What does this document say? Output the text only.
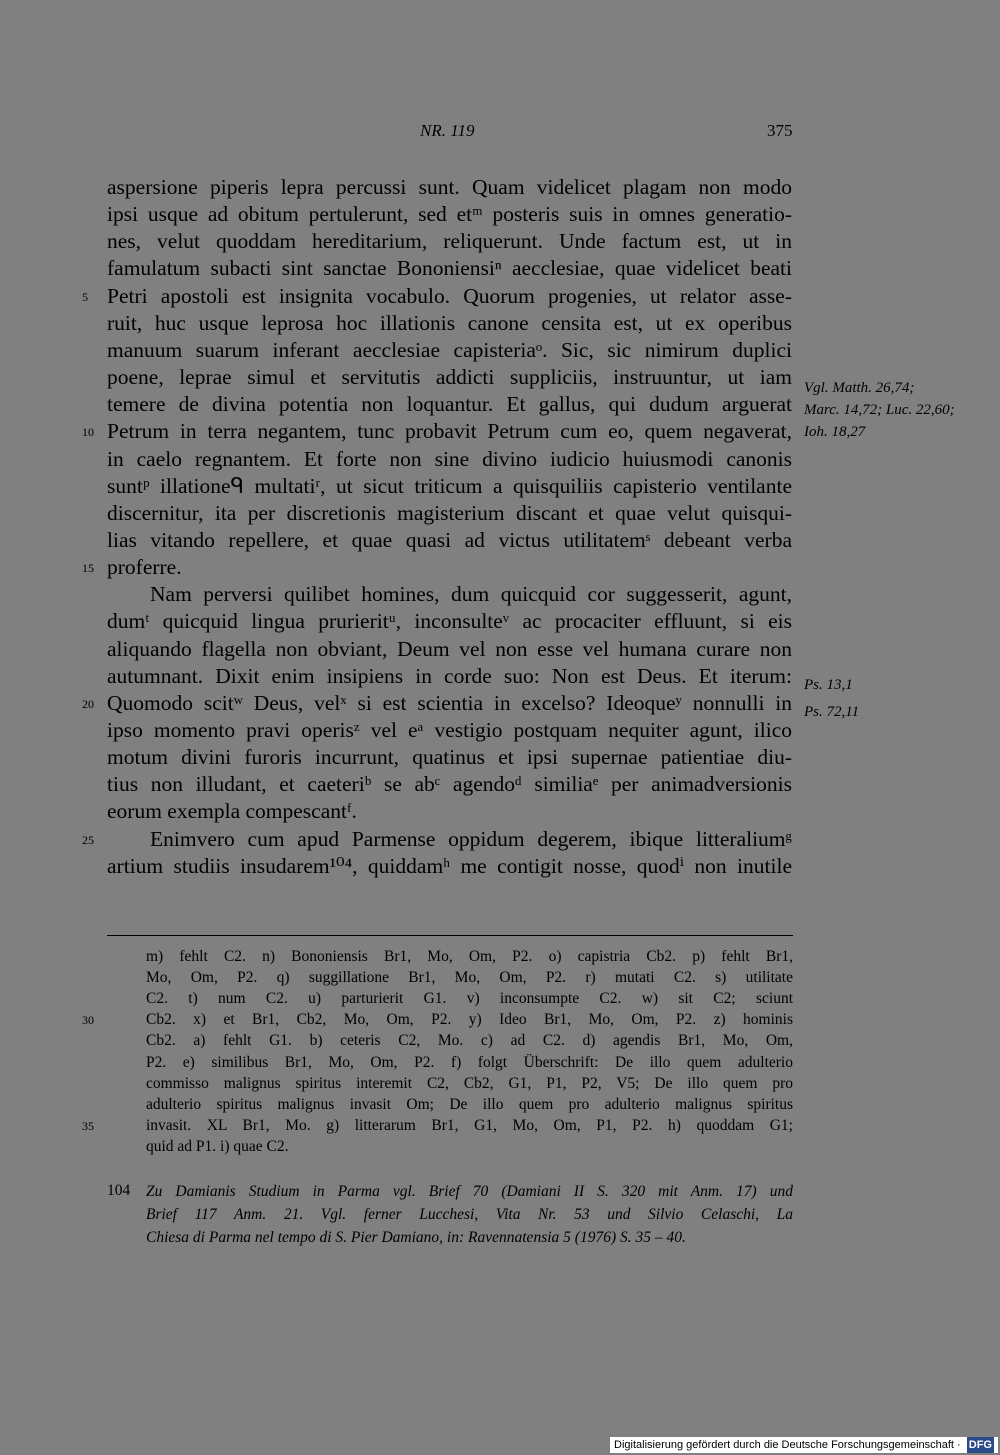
NR. 119	375
aspersione piperis lepra percussi sunt. Quam videlicet plagam non modo
ipsi usque ad obitum pertulerunt, sed etᵐ posteris suis in omnes generatio-
nes, velut quoddam hereditarium, reliquerunt. Unde factum est, ut in
famulatum subacti sint sanctae Bononiensiⁿ aecclesiae, quae videlicet beati
Petri apostoli est insignita vocabulo. Quorum progenies, ut relator asse-
5
ruit, huc usque leprosa hoc illationis canone censita est, ut ex operibus
manuum suarum inferant aecclesiae capisteriaᵒ. Sic, sic nimirum duplici
poene, leprae simul et servitutis addicti suppliciis, instruuntur, ut iam
temere de divina potentia non loquantur. Et gallus, qui dudum arguerat
Petrum in terra negantem, tunc probavit Petrum cum eo, quem negaverat,
10
in caelo regnantem. Et forte non sine divino iudicio huiusmodi canonis
suntᵖ illationeᑫ multatiʳ, ut sicut triticum a quisquiliis capisterio ventilante
discernitur, ita per discretionis magisterium discant et quae velut quisqui-
lias vitando repellere, et quae quasi ad victus utilitatemˢ debeant verba
proferre.
15
  Nam perversi quilibet homines, dum quicquid cor suggesserit, agunt,
dumᵗ quicquid lingua prurieritᵘ, inconsulteᵛ ac procaciter effluunt, si eis
aliquando flagella non obviant, Deum vel non esse vel humana curare non
autumnant. Dixit enim insipiens in corde suo: Non est Deus. Et iterum:
Quomodo scitʷ Deus, velˣ si est scientia in excelso? Ideoqueʸ nonnulli in
20
ipso momento pravi operisᶻ vel eᵃ vestigio postquam nequiter agunt, ilico
motum divini furoris incurrunt, quatinus et ipsi supernae patientiae diu-
tius non illudant, et caeteriᵇ se abᶜ agendoᵈ similiaᵉ per animadversionis
eorum exempla compescantᶠ.
  Enimvero cum apud Parmense oppidum degerem, ibique litteraliumᵍ
25
artium studiis insudarem¹⁰⁴, quiddamʰ me contigit nosse, quodⁱ non inutile
Vgl. Matth. 26,74;
Marc. 14,72; Luc. 22,60;
Ioh. 18,27
Ps. 13,1
Ps. 72,11
m) fehlt C2. n) Bononiensis Br1, Mo, Om, P2. o) capistria Cb2. p) fehlt Br1,
Mo, Om, P2. q) suggillatione Br1, Mo, Om, P2. r) mutati C2. s) utilitate
C2. t) num C2. u) parturierit G1. v) inconsumpte C2. w) sit C2; sciunt
Cb2. x) et Br1, Cb2, Mo, Om, P2. y) Ideo Br1, Mo, Om, P2. z) hominis
30
Cb2. a) fehlt G1. b) ceteris C2, Mo. c) ad C2. d) agendis Br1, Mo, Om,
P2. e) similibus Br1, Mo, Om, P2. f) folgt Überschrift: De illo quem adulterio
commisso malignus spiritus interemit C2, Cb2, G1, P1, P2, V5; De illo quem pro
adulterio spiritus malignus invasit Om; De illo quem pro adulterio malignus spiritus
invasit. XL Br1, Mo. g) litterarum Br1, G1, Mo, Om, P1, P2. h) quoddam G1;
35
quid ad P1. i) quae C2.
104 Zu Damianis Studium in Parma vgl. Brief 70 (Damiani II S. 320 mit Anm. 17) und
Brief 117 Anm. 21. Vgl. ferner Lucchesi, Vita Nr. 53 und Silvio Celaschi, La
Chiesa di Parma nel tempo di S. Pier Damiano, in: Ravennatensia 5 (1976) S. 35 – 40.
Digitalisierung gefördert durch die Deutsche Forschungsgemeinschaft · DFG
